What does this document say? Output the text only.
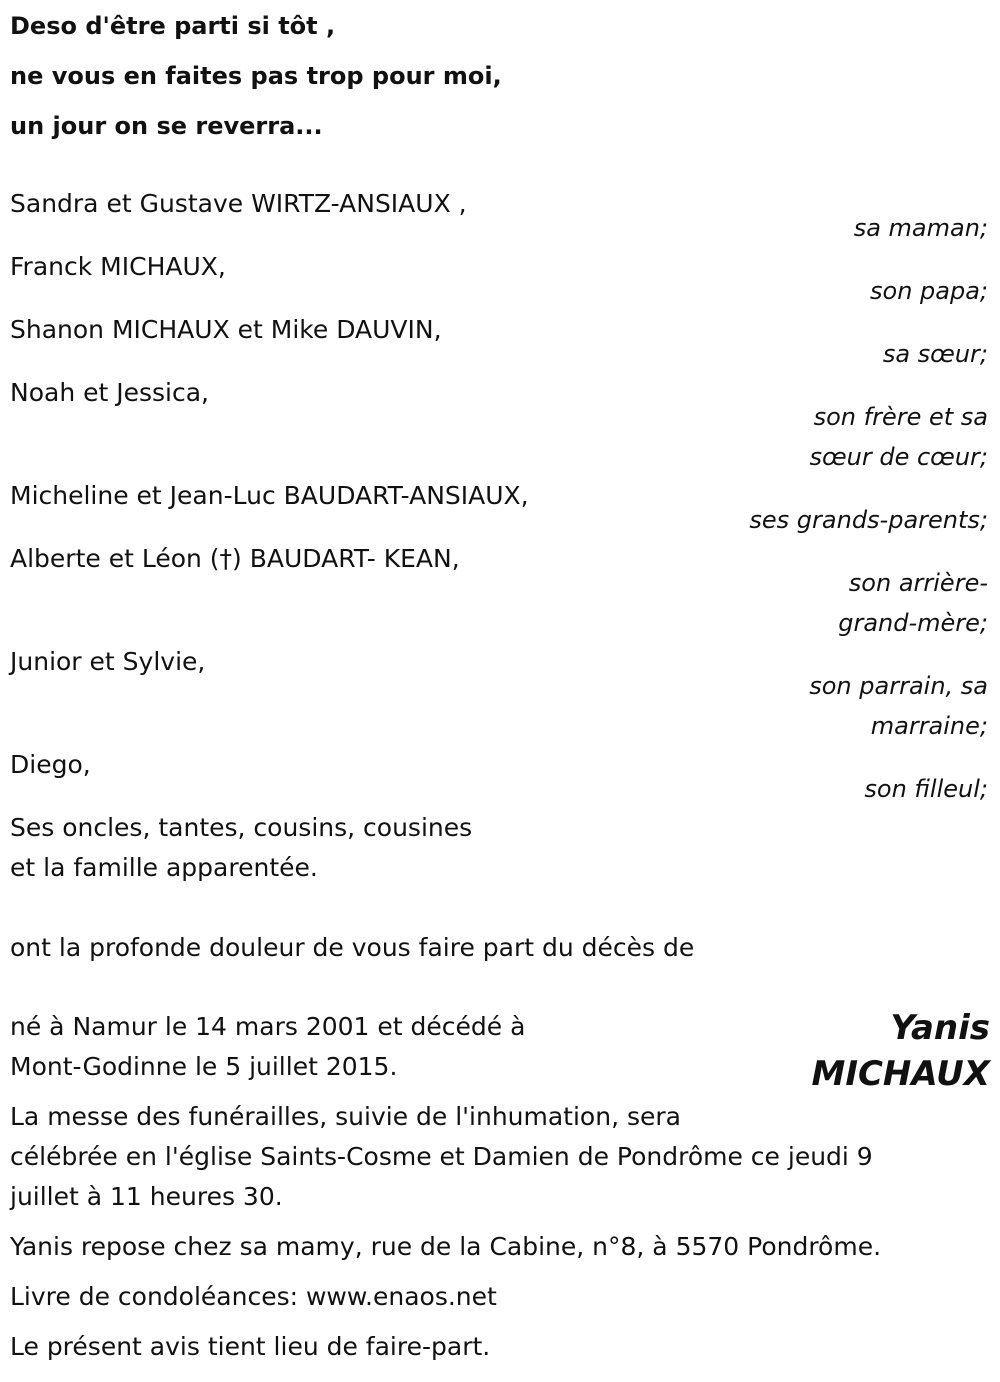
Deso d'être parti si tôt ,
ne vous en faites pas trop pour moi,
un jour on se reverra...
Sandra et Gustave WIRTZ-ANSIAUX ,
sa maman;
Franck MICHAUX,
son papa;
Shanon MICHAUX et Mike DAUVIN,
sa sœur;
Noah et Jessica,
son frère et sa
sœur de cœur;
Micheline et Jean-Luc BAUDART-ANSIAUX,
ses grands-parents;
Alberte et Léon (†) BAUDART- KEAN,
son arrière-
grand-mère;
Junior et Sylvie,
son parrain, sa
marraine;
Diego,
son filleul;
Ses oncles, tantes, cousins, cousines
et la famille apparentée.
ont la profonde douleur de vous faire part du décès de
Yanis
MICHAUX
né à Namur le 14 mars 2001 et décédé à
Mont-Godinne le 5 juillet 2015.
La messe des funérailles, suivie de l'inhumation, sera
célébrée en l'église Saints-Cosme et Damien de Pondrôme ce jeudi 9
juillet à 11 heures 30.
Yanis repose chez sa mamy, rue de la Cabine, n°8, à 5570 Pondrôme.
Livre de condoléances: www.enaos.net
Le présent avis tient lieu de faire-part.
